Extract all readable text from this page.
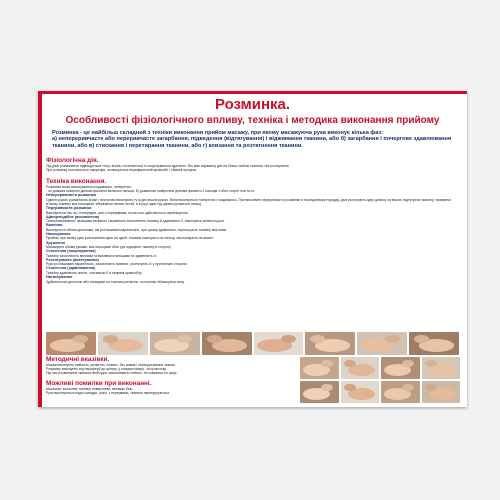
Розминка.
Особливості фізіологічного впливу, техніка і методика виконання прийому

Розминка - це найбільш складний з техніки виконання прийом масажу, при якому масажуюча рука виконує кілька фаз:

а) непереривчасте або переривчасте загарбання, підведення (відтягування) і віджимання тканини, або б) загарбання і почергове здавлювання тканини, або в) стискання і перетирання тканини, або г) ковзання та розтягнення тканини.

Фізіологічна дія.

Під дією розминання підвищується тонус м'язів, посилюється їх скорочувальна здатність. Він має виражену дію на більш глибокі тканини, ніж розтирання.

При розминці посилюється тіморефія, поліпшується периферичний кровообіг і обмінні процеси.

Техніка виконання.

Розминка може виконуватися поздовжньо, поперечно;

- по довжині поверхні ділянки фаланги великого пальця. Б) довжиною поверхнею ділянки фаланги 2 пальців з обох сторін тіла та ін.

Непереривчаста розминка

Однією рукою розминають м'язи і почергово виконують ту ж дію іншою рукою. Вона виконується поперечно і поздовжньо. При виконанні переривчастої розминки в послідовному порядку, далі розтягують одну ділянку за іншою, відтягуючи тканину, тримаючи м'язову тканину між пальцями, зберігаючи натиск на ній, а в руці один під одним рухаються пальці.

Переривчаста розминка

Виконується так, як і попередня, але з переривами, після чого здійснюється переміщення.

Щипцеподібне (визначення)

Техніка виконання: пальцями великого і вказівного захоплюють тканину й здавлюють її, виконуючи ритмічні рухи.

Валяння

Виконується обома долонями, які розташовані паралельно, при цьому здавлюють, перекочують тканину між ними.

Накочування

Прийом, при якому руки розташовані одна на одній, тканини накочують на пальці; застосовують на животі.

Зрушення

Масажують обома руками, між пальцями обох рук зрушують тканину в сторону.

Стиснення (пощипування)

Тканину захоплюють великим та вказівним пальцями та здавлюють їх.

Розтягування (витягування)

Руки розташовані паралельно, захоплюють тканини і розтягують їх у протилежні сторони.

Стиснення (здавлювання)

Тканину здавлюють кистю, стискаючи її в напрямі кровообігу.

Натискування

Здійснюється долонею або пальцями на тканини ритмічно, поступово збільшуючи силу.

Методичні вказівки.

Масаж виконують повільно, ритмічно, плавно, без ривків і перекручування тканин.

Розминку виконують від периферії до центру, у напрямі лімфо- та кровотоку.

Під час розминання тканини необхідно захоплювати глибоко, не ковзаючи по шкірі.

Можливі помилки при виконанні.

Масажист захоплює тканину поверхнево, виникає біль.

Рухи виконуються надто швидко, різко, з перервами, тканини перекручуються.
